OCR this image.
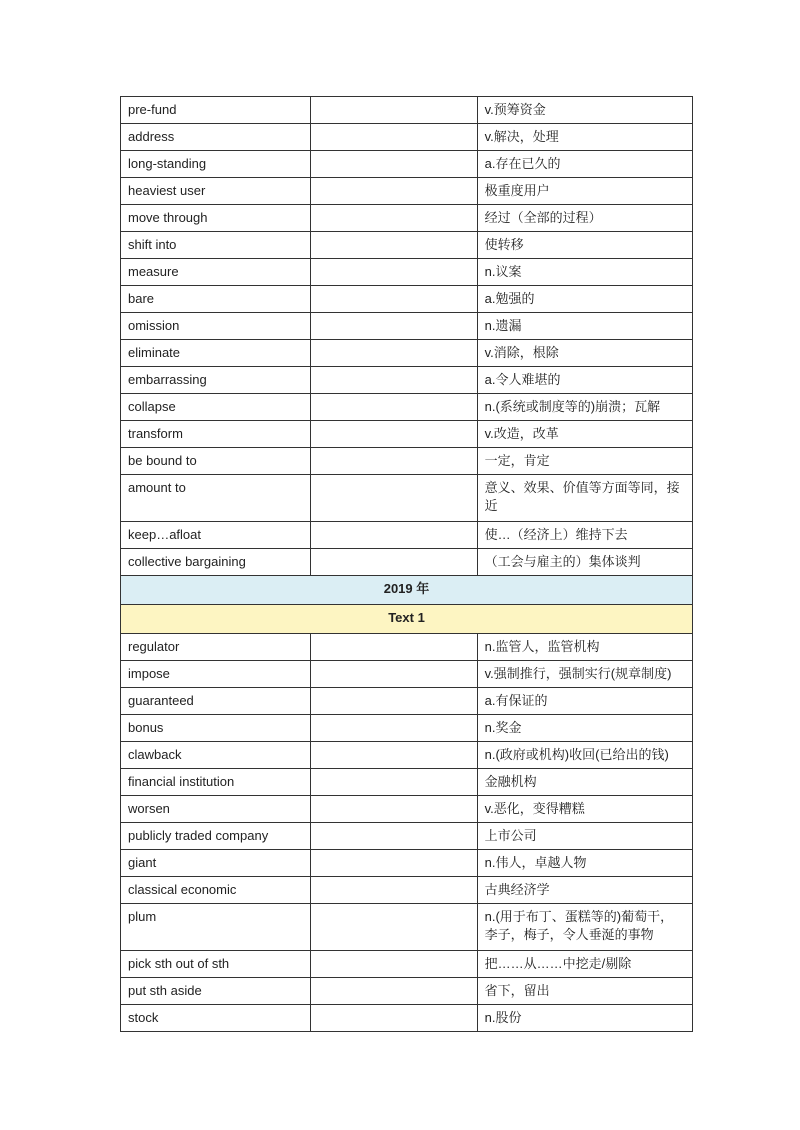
pre-fund		v.预筹资金
address		v.解决，处理
long-standing		a.存在已久的
heaviest user		极重度用户
move through		经过（全部的过程）
shift into		使转移
measure		n.议案
bare		a.勉强的
omission		n.遗漏
eliminate		v.消除，根除
embarrassing		a.令人难堪的
collapse		n.(系统或制度等的)崩溃；瓦解
transform		v.改造，改革
be bound to		一定，肯定
amount to		意义、效果、价值等方面等同，接近
keep…afloat		使…（经济上）维持下去
collective bargaining		（工会与雇主的）集体谈判
2019 年		
Text 1		
regulator		n.监管人，监管机构
impose		v.强制推行，强制实行(规章制度)
guaranteed		a.有保证的
bonus		n.奖金
clawback		n.(政府或机构)收回(已给出的钱)
financial institution		金融机构
worsen		v.恶化，变得糟糕
publicly traded company		上市公司
giant		n.伟人，卓越人物
classical economic		古典经济学
plum		n.(用于布丁、蛋糕等的)葡萄干，李子，梅子，令人垂涎的事物
pick sth out of sth		把……从……中挖走/剔除
put sth aside		省下，留出
stock		n.股份
